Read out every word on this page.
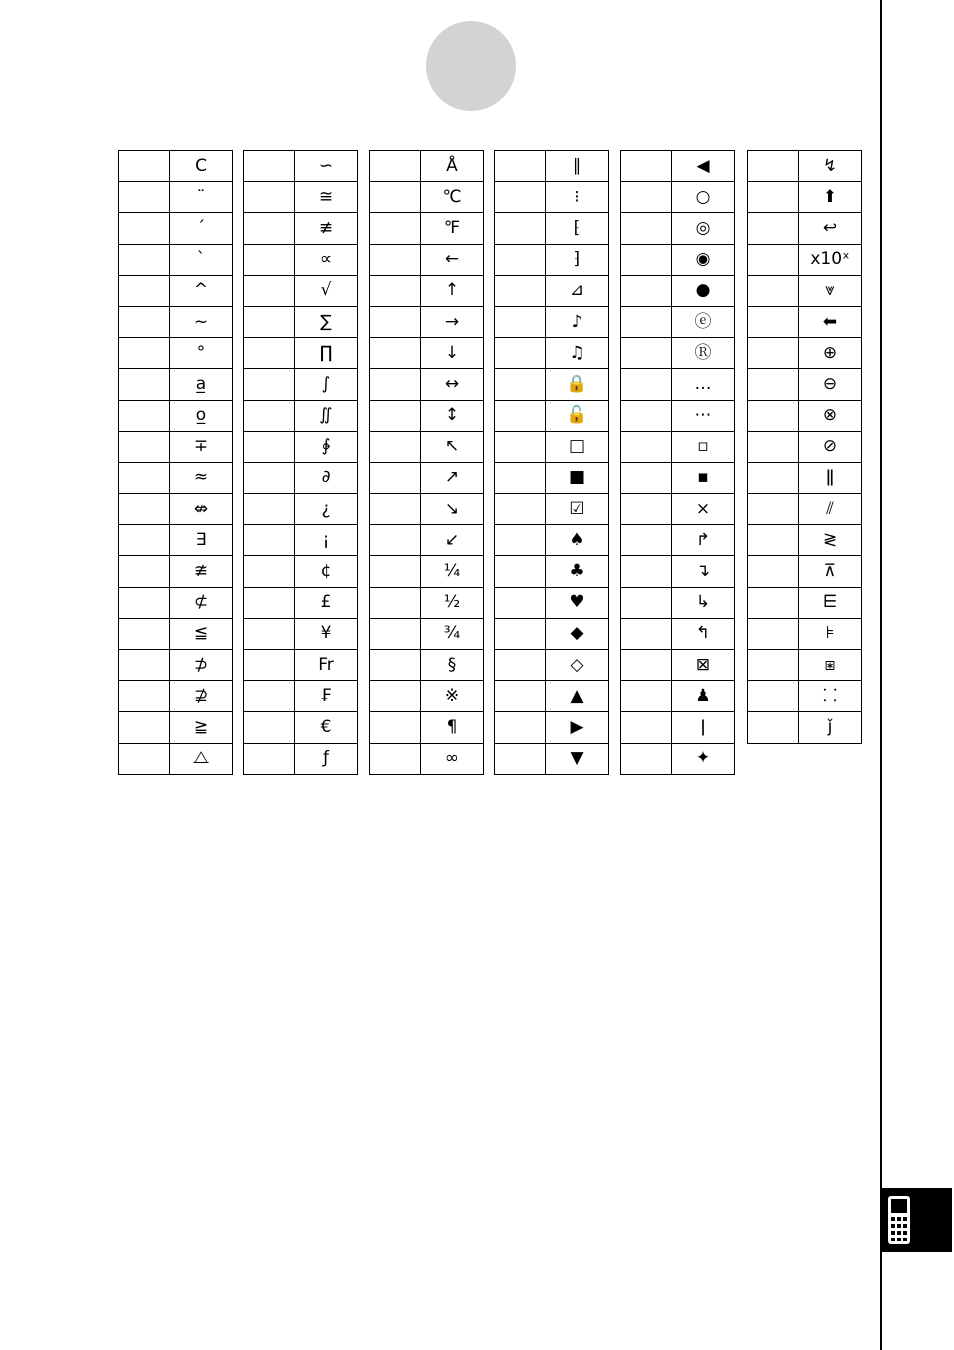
	C
	¨
	´
	`
	^
	~
	°
	a̲
	o̲
	∓
	≈
	⇎
	∃
	≇
	⊄
	≦
	⊅
	⊉
	≧
	⧍
	∽
	≅
	≢
	∝
	√
	∑
	∏
	∫
	∬
	∲
	∂
	¿
	¡
	¢
	£
	¥
	Fr
	₣
	€
	ƒ
	Å
	℃
	℉
	←
	↑
	→
	↓
	↔
	↕
	↖
	↗
	↘
	↙
	¼
	½
	¾
	§
	※
	¶
	∞
	∥
	⁝
	⁅
	⁆
	⊿
	♪
	♫
	🔒
	🔓
	□
	■
	☑
	♠
	♣
	♥
	◆
	◇
	▲
	▶
	▼
	◀
	○
	◎
	◉
	●
	ⓔ
	Ⓡ
	…
	⋯
	▫
	▪
	×
	↱
	↴
	↳
	↰
	⊠
	♟
	ǀ
	✦
	↯
	⬆
	↩
	x10ˣ
	⩔
	⬅
	⊕
	⊖
	⊗
	⊘
	ǁ
	⫽
	≷
	⊼
	⋿
	⊧
	⧆
	⸬
	ǰ
